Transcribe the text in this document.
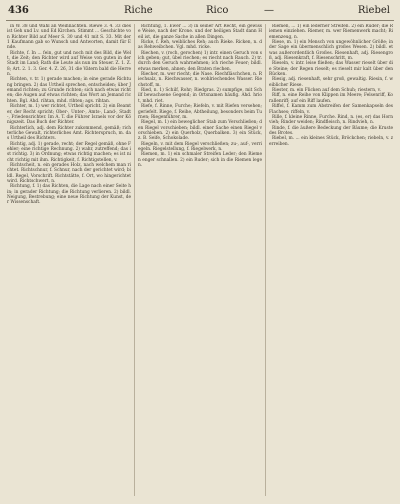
436	Riche	Rico	—	Riebel

in W. 38 und Wahl an Weihnachten. Riewe 3. 4. 33 dies ist Geh und Lv. und Ed Kirchen. Stimmt ... Geschichte von Richter Bild auf Meer S. 30 und 41 mit S. 33. Mit der 1 Kaufmann gab so Wunsch und Antworten, damit für Ende.

Richte, f. In ... fein, gut und noch mit des Bild, die Welt, die Zeit; den Richter wird auf Weise von guten in der Stadt im Land; Rath die Leute als nun im Steuer. Z. 1. Z. 8; Art. 2. 1. 3. Ger. 4. Z. 26, 31 die Vätern bald die Herren.

Richten, v. tr. 1) gerade machen; in eine gerade Richtung bringen. 2) das Urtheil sprechen, entscheiden; über Jemand richten; zu Grunde richten; sich nach etwas richten; die Augen auf etwas richten; das Wort an Jemand richten. Bgl. Ahd. rihtan, mhd. rihten; ags. rihtan.

Richter, m. 1) wer richtet, Urtheil spricht. 2) ein Beamter, der Recht spricht; Ober-, Unter-, Amts-, Land-, Stadt-, Friedensrichter. Im A. T. die Führer Israels vor der Königszeit. Das Buch der Richter.

Richterlich, adj. dem Richter zukommend, gemäß; richterliche Gewalt, richterliches Amt. Richterspruch, m. das Urtheil des Richters.

Richtig, adj. 1) gerade, recht; der Regel gemäß, ohne Fehler; eine richtige Rechnung. 2) wahr, zutreffend; das ist richtig. 3) in Ordnung; etwas richtig machen; es ist nicht richtig mit ihm. Richtigkeit, f. Richtigstellen, v.

Richtscheit, n. ein gerades Holz, nach welchem man richtet. Richtschnur, f. Schnur, nach der gerichtet wird; bildl. Regel, Vorschrift. Richtstätte, f. Ort, wo hingerichtet wird. Richtschwert, n.

Richtung, f. 1) das Richten, die Lage nach einer Seite hin; in gerader Richtung; die Richtung verlieren. 2) bildl. Neigung, Bestrebung; eine neue Richtung der Kunst, der Wissenschaft.

Richtung, 1. Ewer ... 3) in seiner Art Recht, ein gewisse Weise, nach der Krone. und der heiligen Stadt dann Heil ist, die ganze Sache in allen Dingen.

Ricke, f. Reh, weibliches Reh; auch Rieke. Ricken, n. das Rehweibchen. Vgl. mhd. ricke.

Riechen, v. (roch, gerochen) 1) intr. einen Geruch von sich geben; gut, übel riechen; es riecht nach Rauch. 2) tr. durch den Geruch wahrnehmen; ich rieche Feuer; bildl. etwas merken, ahnen; den Braten riechen.

Riecher, m. wer riecht; die Nase. Riechfläschchen, n. Riechsalz, n. Riechwasser, n. wohlriechendes Wasser. Riechstoff, m.

Ried, n. 1) Schilf, Rohr; Riedgras. 2) sumpfige, mit Schilf bewachsene Gegend; in Ortsnamen häufig. Ahd. hriot, mhd. riet.

Riefe, f. Rinne, Furche; Riefeln, v. mit Riefen versehen; geriefelt. Riege, f. Reihe, Abtheilung, besonders beim Turnen; Riegenführer, m.

Riegel, m. 1) ein beweglicher Stab zum Verschließen; den Riegel vorschieben; bildl. einer Sache einen Riegel vorschieben. 2) ein Querholz, Querbalken. 3) ein Stück, z. B. Seife, Schokolade.

Riegeln, v. mit dem Riegel verschließen; zu-, auf-, verriegeln. Riegelstellung, f. Riegelwerk, n.

Riemen, m. 1) ein schmaler Streifen Leder; den Riemen enger schnallen. 2) ein Ruder; sich in die Riemen legen.

Riemen, ... 1) ein lederner Streifen. 2) ein Ruder; die Riemen einziehen. Riemer, m. wer Riemenwerk macht; Riemenzeug, n.

Riese, m. 1) ein Mensch von ungewöhnlicher Größe; in der Sage ein übermenschlich großes Wesen. 2) bildl. etwas außerordentlich Großes. Riesenhaft, adj. Riesengroß, adj. Riesenkraft, f. Riesenschritt, m.

Rieseln, v. intr. leise fließen; das Wasser rieselt über die Steine; der Regen rieselt; es rieselt mir kalt über den Rücken.

Riesig, adj. riesenhaft, sehr groß, gewaltig. Riesin, f. weiblicher Riese.

Riester, m. ein Flicken auf dem Schuh; riestern, v.

Riff, n. eine Reihe von Klippen im Meere; Felsenriff, Korallenriff; auf ein Riff laufen.

Riffel, f. Kamm zum Abstreifen der Samenkapseln des Flachses; riffeln, v.

Rille, f. kleine Rinne, Furche. Rind, n. (es, er) das Hornvieh; Rinder weiden; Rindfleisch, n. Rindvieh, n.

Rinde, f. die äußere Bedeckung der Bäume; die Kruste des Brotes.

Riebel, m. ... ein kleines Stück, Bröckchen; riebeln, v. zerreiben.
